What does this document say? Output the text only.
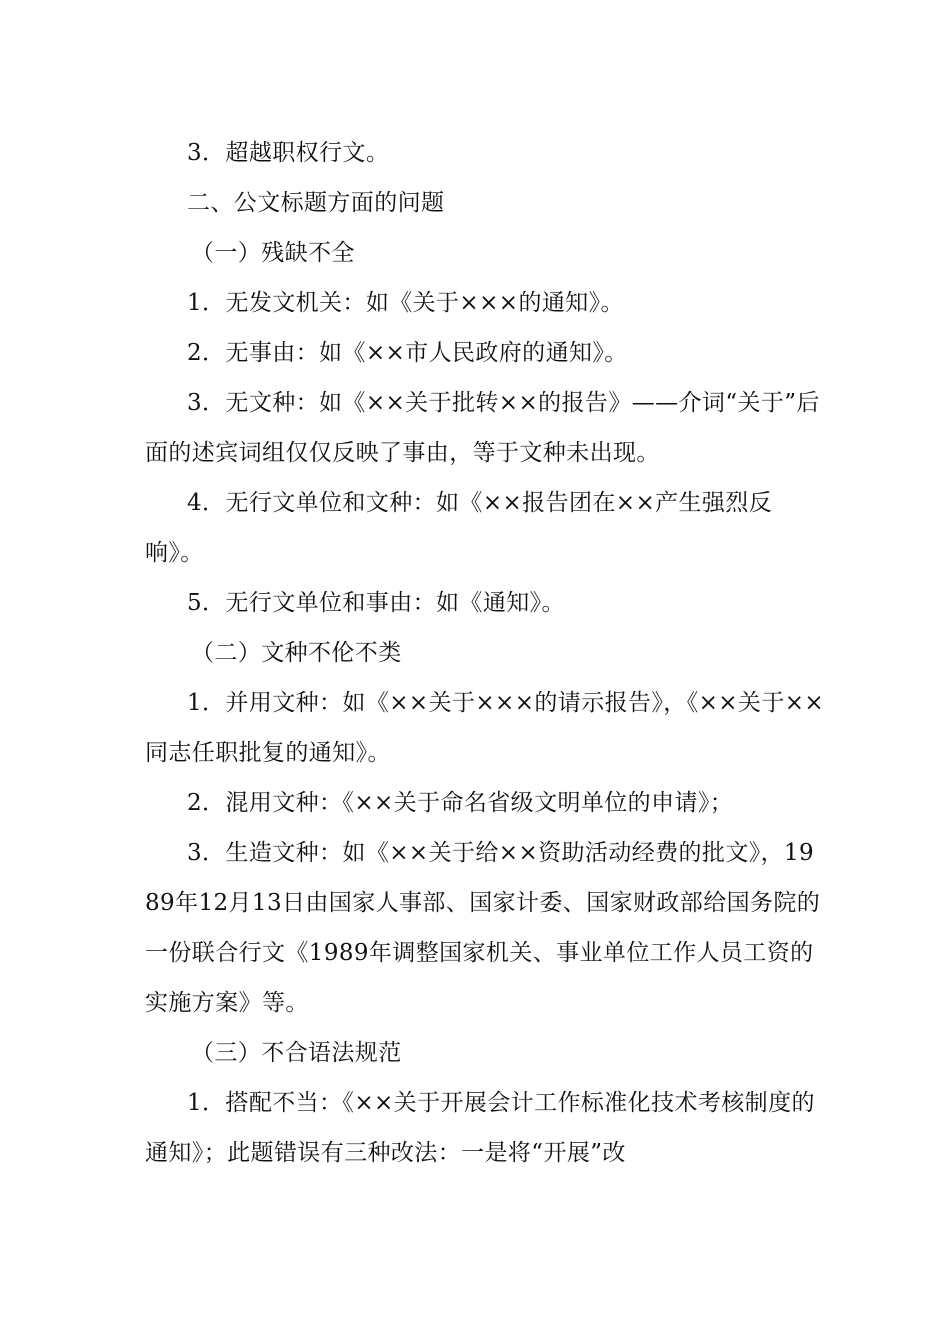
3．超越职权行文。

二、公文标题方面的问题

（一）残缺不全

1．无发文机关：如《关于×××的通知》。

2．无事由：如《××市人民政府的通知》。

3．无文种：如《××关于批转××的报告》——介词“关于”后面的述宾词组仅仅反映了事由，等于文种未出现。

4．无行文单位和文种：如《××报告团在××产生强烈反响》。

5．无行文单位和事由：如《通知》。

（二）文种不伦不类

1．并用文种：如《××关于×××的请示报告》，《××关于××同志任职批复的通知》。

2．混用文种：《××关于命名省级文明单位的申请》；

3．生造文种：如《××关于给××资助活动经费的批文》，1989年12月13日由国家人事部、国家计委、国家财政部给国务院的一份联合行文《1989年调整国家机关、事业单位工作人员工资的实施方案》等。

（三）不合语法规范

1．搭配不当：《××关于开展会计工作标准化技术考核制度的通知》；此题错误有三种改法：一是将“开展”改
